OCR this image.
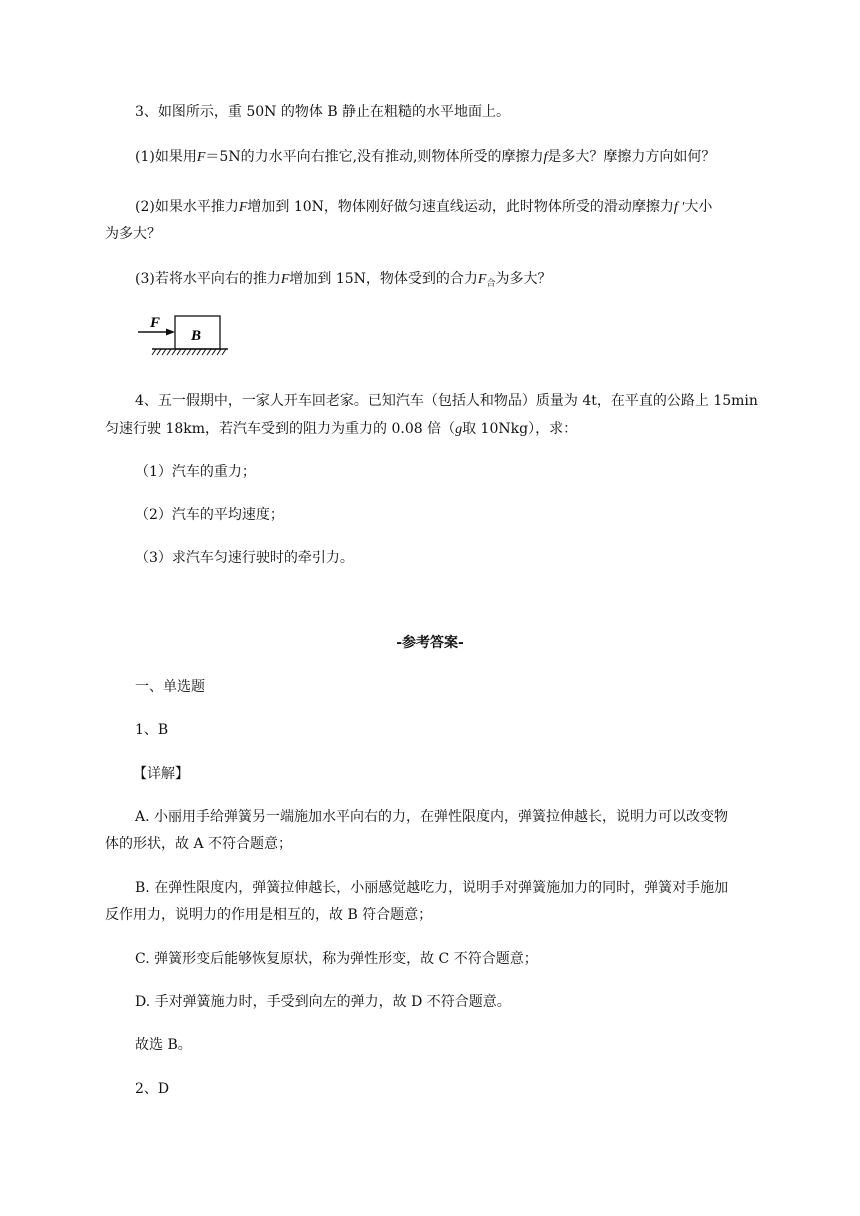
3、如图所示，重 50N 的物体 B 静止在粗糙的水平地面上。

(1)如果用F＝5N的力水平向右推它,没有推动,则物体所受的摩擦力f是多大？摩擦力方向如何？

(2)如果水平推力F增加到 10N，物体刚好做匀速直线运动，此时物体所受的滑动摩擦力f ′大小

为多大？

(3)若将水平向右的推力F增加到 15N，物体受到的合力$F_合$为多大？

F
B

4、五一假期中，一家人开车回老家。已知汽车（包括人和物品）质量为 4t，在平直的公路上 15min

匀速行驶 18km，若汽车受到的阻力为重力的 0.08 倍（g取 10Nkg），求：

（1）汽车的重力；

（2）汽车的平均速度；

（3）求汽车匀速行驶时的牵引力。

-参考答案-

一、单选题

1、B

【详解】

A. 小丽用手给弹簧另一端施加水平向右的力，在弹性限度内，弹簧拉伸越长，说明力可以改变物

体的形状，故 A 不符合题意；

B. 在弹性限度内，弹簧拉伸越长，小丽感觉越吃力，说明手对弹簧施加力的同时，弹簧对手施加

反作用力，说明力的作用是相互的，故 B 符合题意；

C. 弹簧形变后能够恢复原状，称为弹性形变，故 C 不符合题意；

D. 手对弹簧施力时，手受到向左的弹力，故 D 不符合题意。

故选 B。

2、D
